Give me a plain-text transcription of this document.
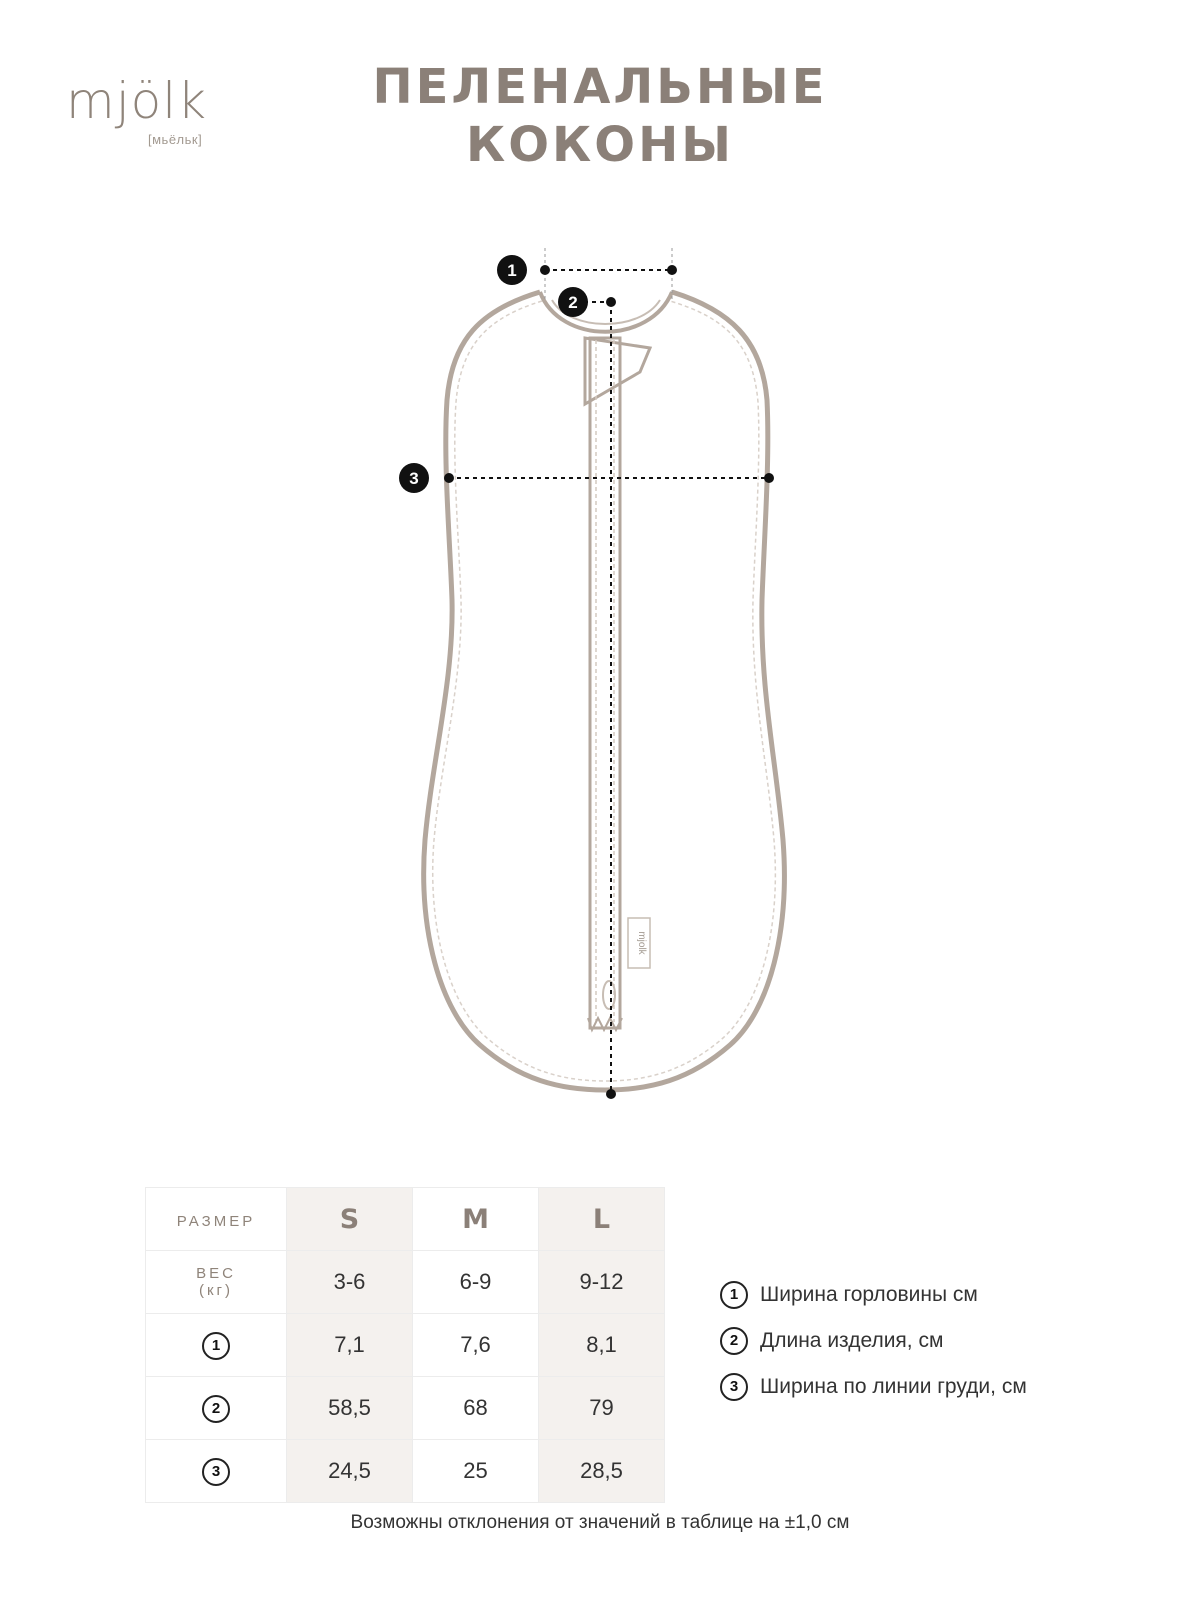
mjölk
[мьёльк]
ПЕЛЕНАЛЬНЫЕ
КОКОНЫ
mjolk
1
2
3
РАЗМЕР	S	M	L

ВЕС
(кг)	3-6	6-9	9-12
1	7,1	7,6	8,1
2	58,5	68	79
3	24,5	25	28,5
1	Ширина горловины см
2	Длина изделия, см
3	Ширина по линии груди, см
Возможны отклонения от значений в таблице на ±1,0 см
